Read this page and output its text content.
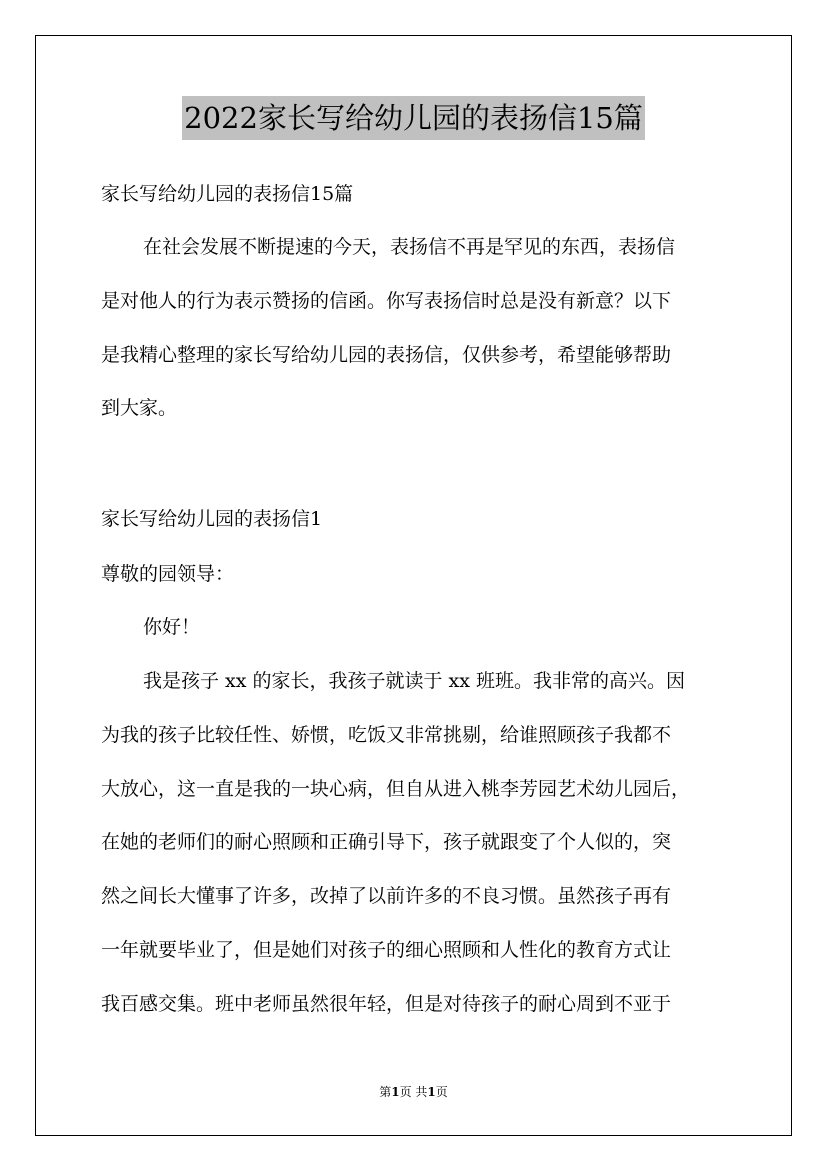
2022家长写给幼儿园的表扬信15篇
家长写给幼儿园的表扬信15篇
在社会发展不断提速的今天，表扬信不再是罕见的东西，表扬信
是对他人的行为表示赞扬的信函。你写表扬信时总是没有新意？以下
是我精心整理的家长写给幼儿园的表扬信，仅供参考，希望能够帮助
到大家。
家长写给幼儿园的表扬信1
尊敬的园领导：
你好！
我是孩子 xx 的家长，我孩子就读于 xx 班班。我非常的高兴。因
为我的孩子比较任性、娇惯，吃饭又非常挑剔，给谁照顾孩子我都不
大放心，这一直是我的一块心病，但自从进入桃李芳园艺术幼儿园后，
在她的老师们的耐心照顾和正确引导下，孩子就跟变了个人似的，突
然之间长大懂事了许多，改掉了以前许多的不良习惯。虽然孩子再有
一年就要毕业了，但是她们对孩子的细心照顾和人性化的教育方式让
我百感交集。班中老师虽然很年轻，但是对待孩子的耐心周到不亚于
第1页 共1页
